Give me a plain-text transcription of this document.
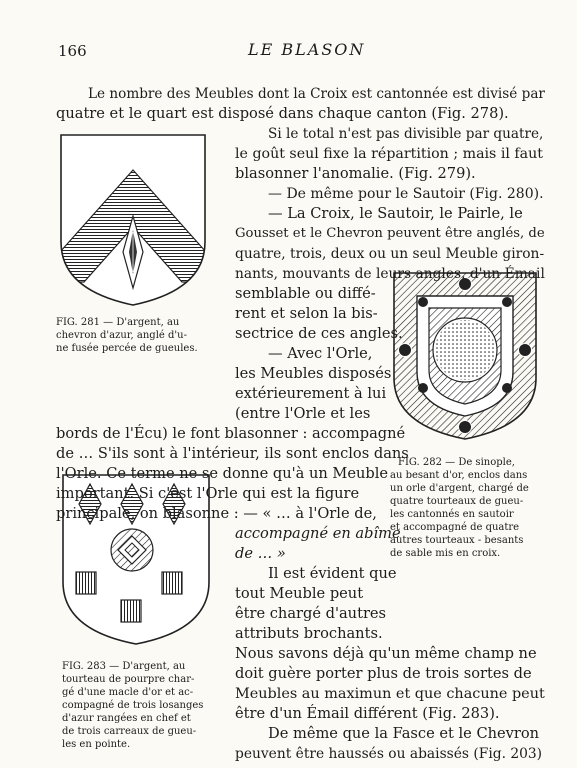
166	LE BLASON
FIG. 281 — D'argent, au
chevron d'azur, anglé d'u-
ne fusée percée de gueules.
FIG. 282 — De sinople,
au besant d'or, enclos dans
un orle d'argent, chargé de
quatre tourteaux de gueu-
les cantonnés en sautoir
et accompagné de quatre
autres tourteaux - besants
de sable mis en croix.
FIG. 283 — D'argent, au
tourteau de pourpre char-
gé d'une macle d'or et ac-
compagné de trois losanges
d'azur rangées en chef et
de trois carreaux de gueu-
les en pointe.
Le nombre des Meubles dont la Croix est cantonnée est divisé par
quatre et le quart est disposé dans chaque canton (Fig. 278).
Si le total n'est pas divisible par quatre,
le goût seul fixe la répartition ; mais il faut
blasonner l'anomalie. (Fig. 279).
— De même pour le Sautoir (Fig. 280).
— La Croix, le Sautoir, le Pairle, le
Gousset et le Chevron peuvent être anglés, de
quatre, trois, deux ou un seul Meuble giron-
nants, mouvants de leurs angles, d'un Émail
semblable ou diffé-
rent et selon la bis-
sectrice de ces angles.
— Avec l'Orle,
les Meubles disposés
extérieurement à lui
(entre l'Orle et les
bords de l'Écu) le font blasonner : accompagné
de … S'ils sont à l'intérieur, ils sont enclos dans
l'Orle. Ce terme ne se donne qu'à un Meuble
important. Si c'est l'Orle qui est la figure
principale, on blasonne : — « … à l'Orle de,
accompagné en abîme
de … »
Il est évident que
tout Meuble peut
être chargé d'autres
attributs brochants.
Nous savons déjà qu'un même champ ne
doit guère porter plus de trois sortes de
Meubles au maximun et que chacune peut
être d'un Émail différent (Fig. 283).
De même que la Fasce et le Chevron
peuvent être haussés ou abaissés (Fig. 203)
